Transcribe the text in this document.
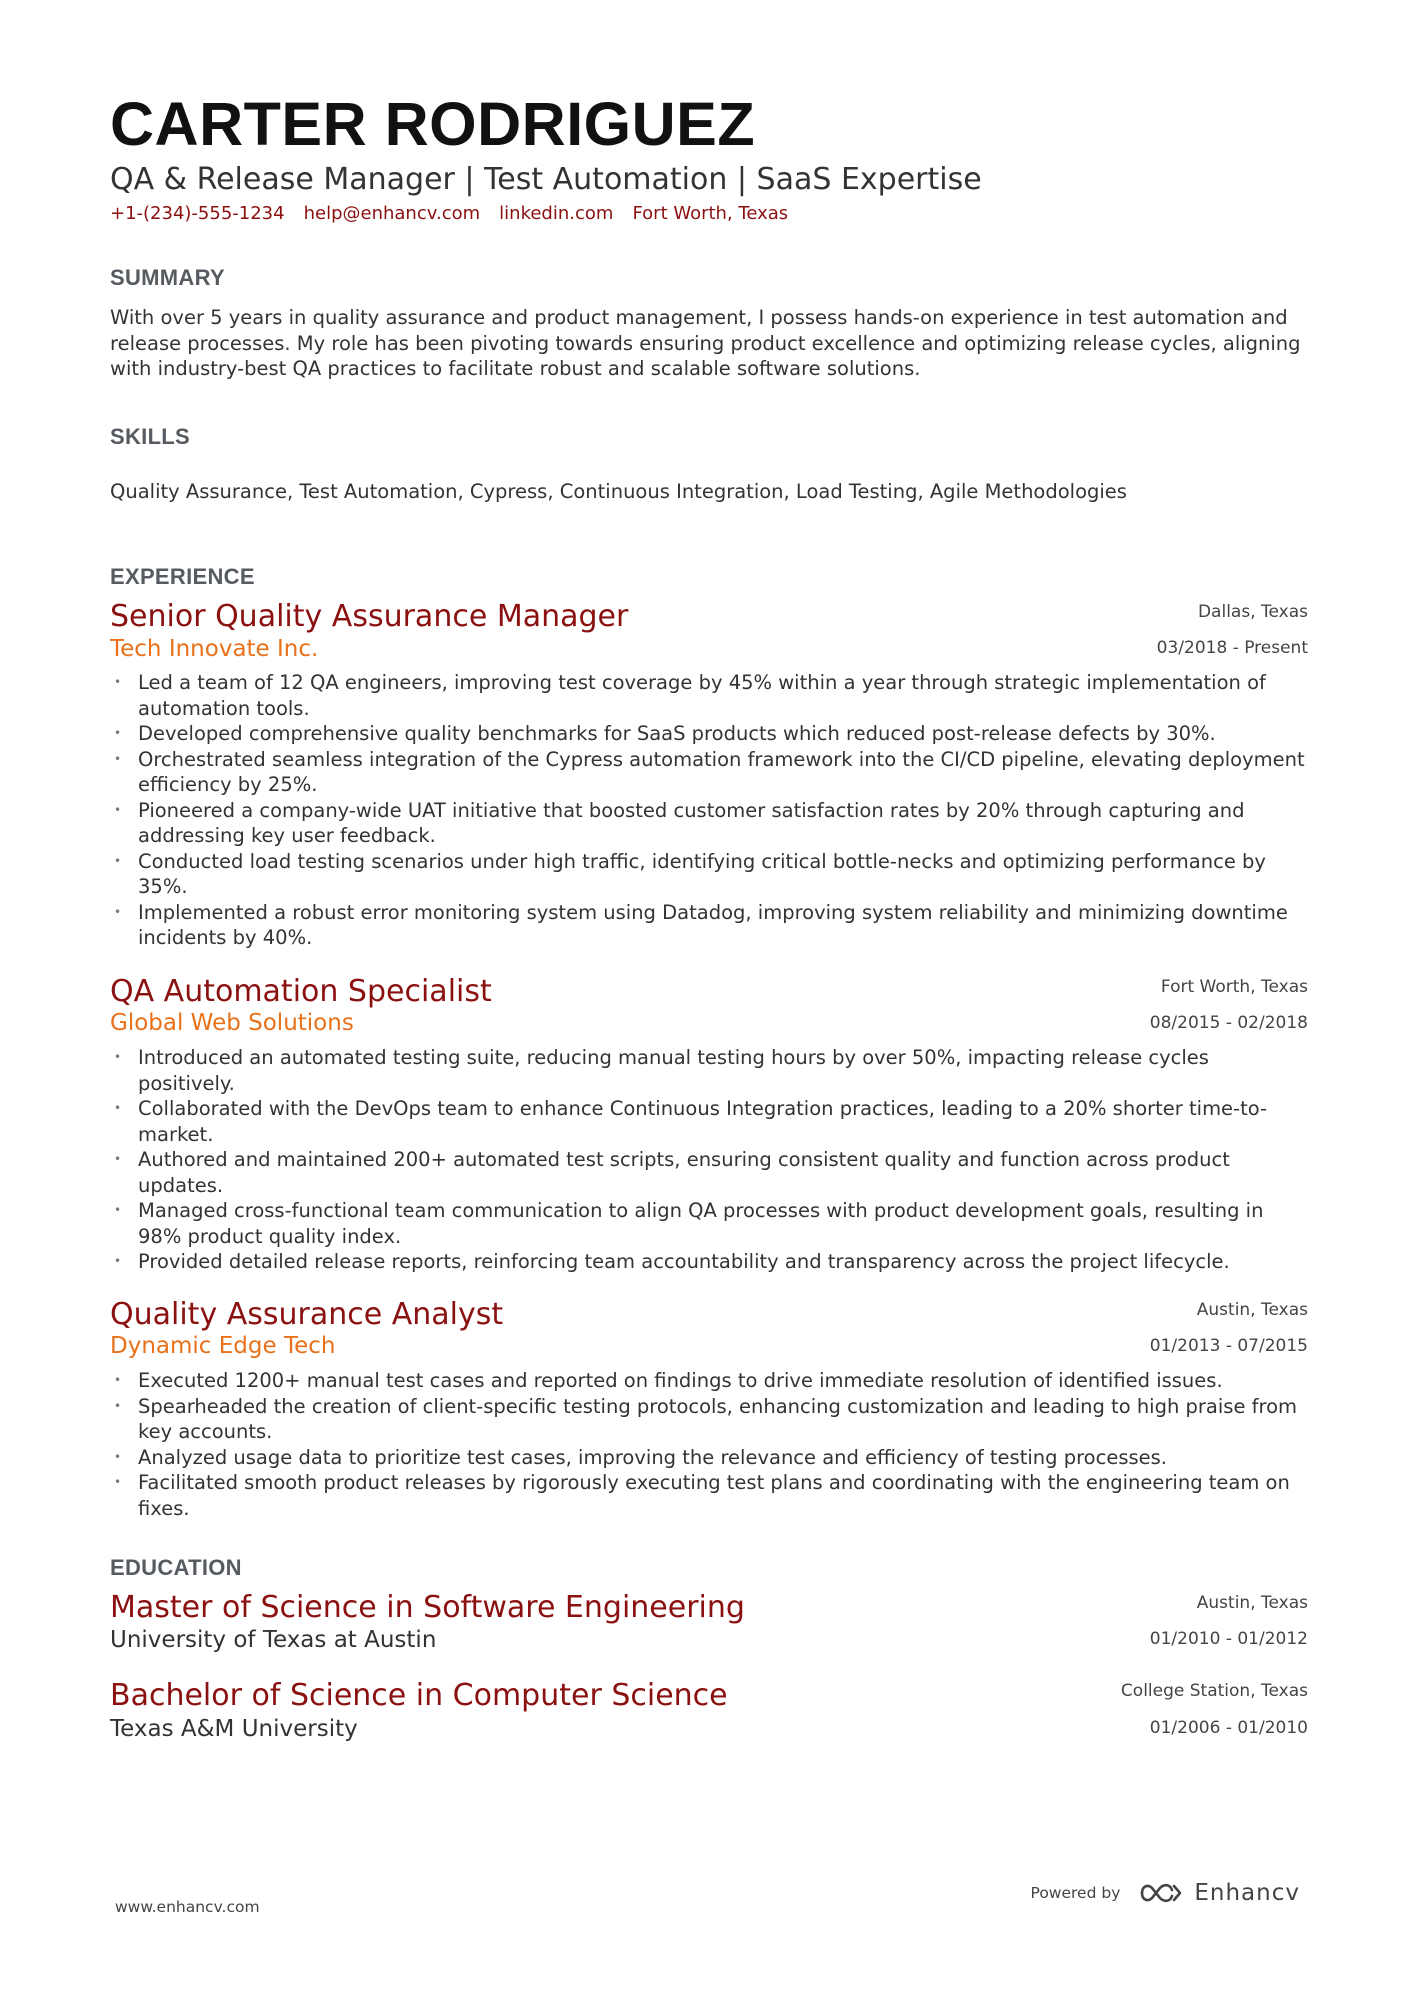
CARTER RODRIGUEZ
QA & Release Manager | Test Automation | SaaS Expertise
+1-(234)-555-1234 help@enhancv.com linkedin.com Fort Worth, Texas
SUMMARY
With over 5 years in quality assurance and product management, I possess hands-on experience in test automation and release processes. My role has been pivoting towards ensuring product excellence and optimizing release cycles, aligning with industry-best QA practices to facilitate robust and scalable software solutions.
SKILLS
Quality Assurance, Test Automation, Cypress, Continuous Integration, Load Testing, Agile Methodologies
EXPERIENCE
Senior Quality Assurance Manager	Dallas, Texas
Tech Innovate Inc.	03/2018 - Present
• Led a team of 12 QA engineers, improving test coverage by 45% within a year through strategic implementation of automation tools.
• Developed comprehensive quality benchmarks for SaaS products which reduced post-release defects by 30%.
• Orchestrated seamless integration of the Cypress automation framework into the CI/CD pipeline, elevating deployment efficiency by 25%.
• Pioneered a company-wide UAT initiative that boosted customer satisfaction rates by 20% through capturing and addressing key user feedback.
• Conducted load testing scenarios under high traffic, identifying critical bottle-necks and optimizing performance by 35%.
• Implemented a robust error monitoring system using Datadog, improving system reliability and minimizing downtime incidents by 40%.
QA Automation Specialist	Fort Worth, Texas
Global Web Solutions	08/2015 - 02/2018
• Introduced an automated testing suite, reducing manual testing hours by over 50%, impacting release cycles positively.
• Collaborated with the DevOps team to enhance Continuous Integration practices, leading to a 20% shorter time-to-market.
• Authored and maintained 200+ automated test scripts, ensuring consistent quality and function across product updates.
• Managed cross-functional team communication to align QA processes with product development goals, resulting in 98% product quality index.
• Provided detailed release reports, reinforcing team accountability and transparency across the project lifecycle.
Quality Assurance Analyst	Austin, Texas
Dynamic Edge Tech	01/2013 - 07/2015
• Executed 1200+ manual test cases and reported on findings to drive immediate resolution of identified issues.
• Spearheaded the creation of client-specific testing protocols, enhancing customization and leading to high praise from key accounts.
• Analyzed usage data to prioritize test cases, improving the relevance and efficiency of testing processes.
• Facilitated smooth product releases by rigorously executing test plans and coordinating with the engineering team on fixes.
EDUCATION
Master of Science in Software Engineering	Austin, Texas
University of Texas at Austin	01/2010 - 01/2012
Bachelor of Science in Computer Science	College Station, Texas
Texas A&M University	01/2006 - 01/2010
www.enhancv.com
Powered by	Enhancv
